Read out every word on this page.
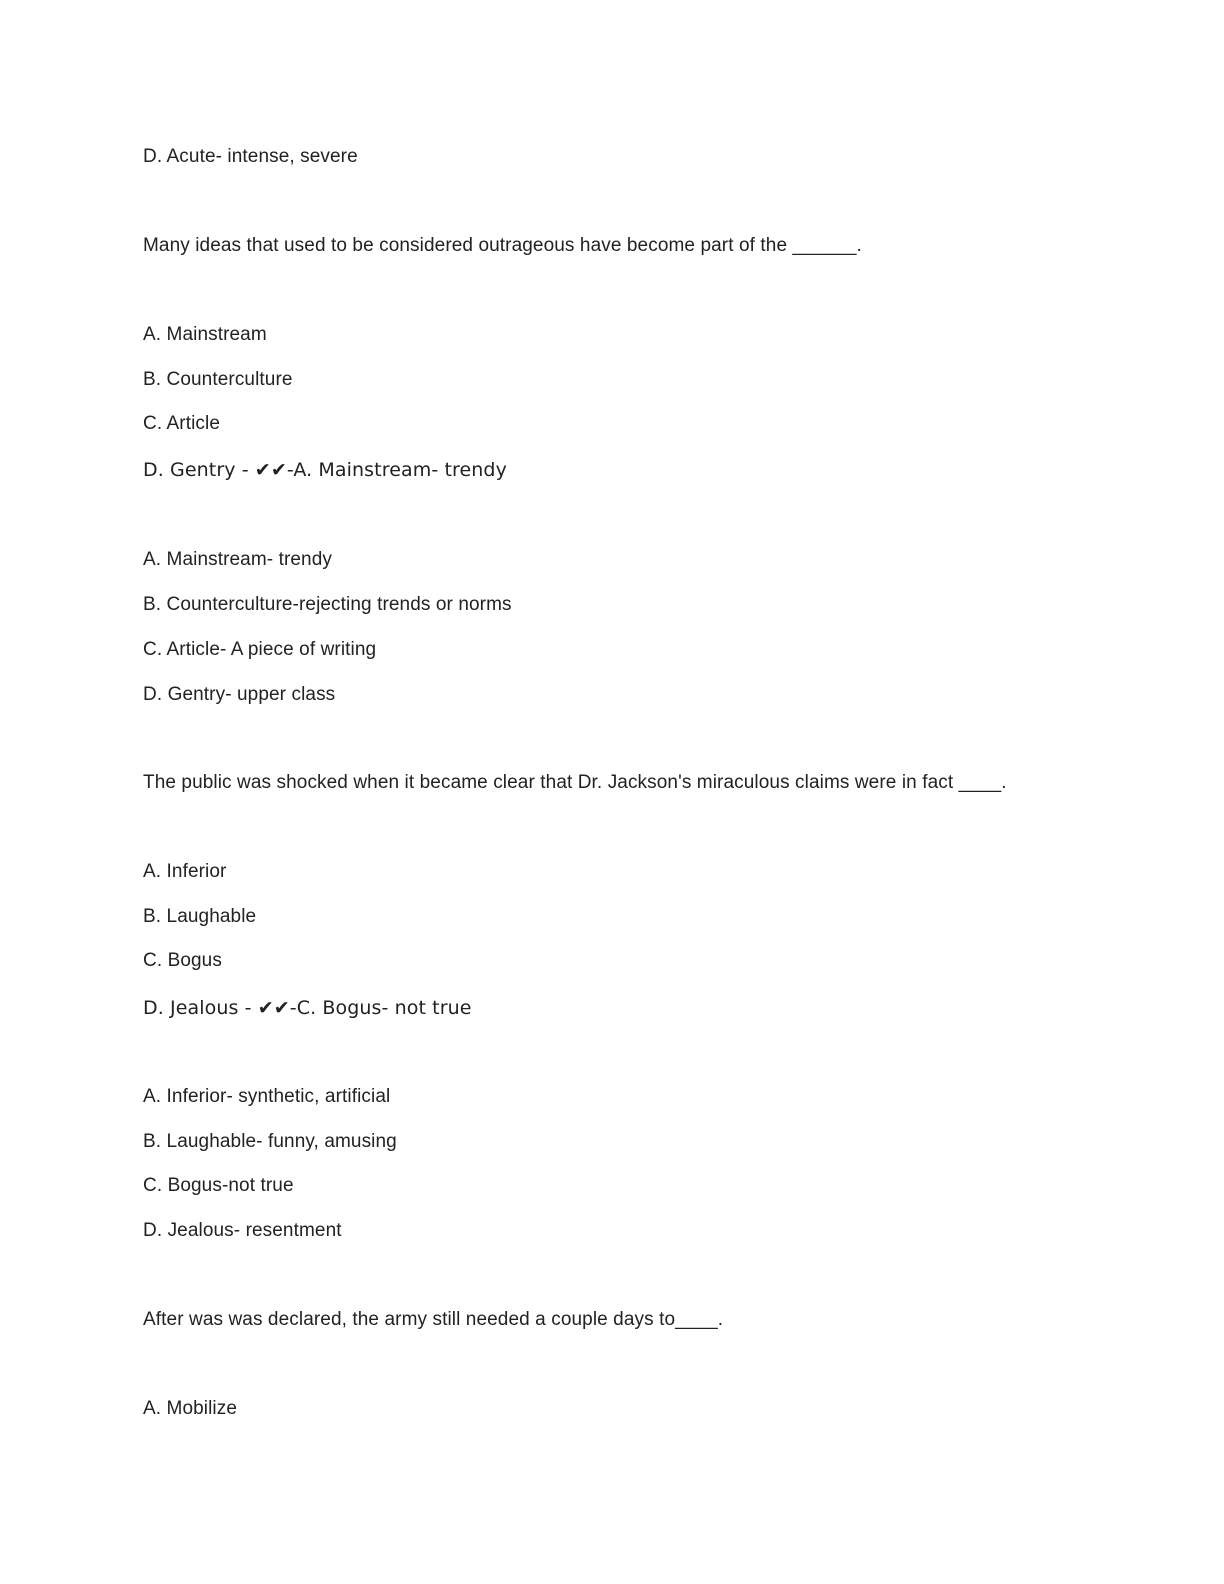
D. Acute- intense, severe
Many ideas that used to be considered outrageous have become part of the ______.
A. Mainstream
B. Counterculture
C. Article
D. Gentry - ✔✔-A. Mainstream- trendy
A. Mainstream- trendy
B. Counterculture-rejecting trends or norms
C. Article- A piece of writing
D. Gentry- upper class
The public was shocked when it became clear that Dr. Jackson's miraculous claims were in fact ____.
A. Inferior
B. Laughable
C. Bogus
D. Jealous - ✔✔-C. Bogus- not true
A. Inferior- synthetic, artificial
B. Laughable- funny, amusing
C. Bogus-not true
D. Jealous- resentment
After was was declared, the army still needed a couple days to____.
A. Mobilize
